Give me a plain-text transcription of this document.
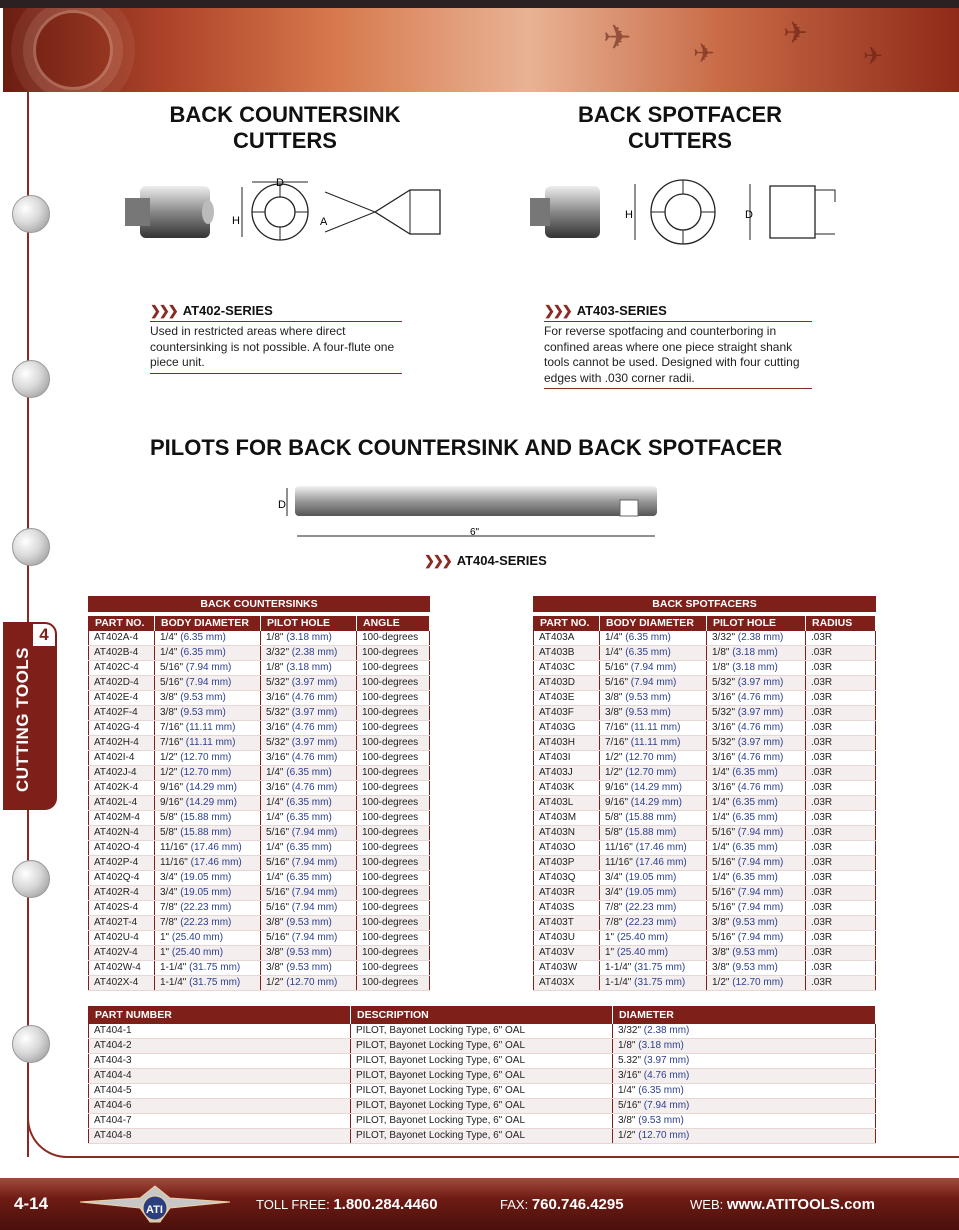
✈ ✈
✈
✈
4
CUTTING TOOLS
BACK COUNTERSINK
CUTTERS
BACK SPOTFACER
CUTTERS
D
H	A
H	D
❯❯❯ AT402-SERIES
Used in restricted areas where direct countersinking is not possible. A four-flute one piece unit.
❯❯❯ AT403-SERIES
For reverse spotfacing and counterboring in confined areas where one piece straight shank tools cannot be used. Designed with four cutting edges with .030 corner radii.
PILOTS FOR BACK COUNTERSINK AND BACK SPOTFACER
D
6"
❯❯❯ AT404-SERIES
BACK COUNTERSINKS			
PART NO.	BODY DIAMETER	PILOT HOLE	ANGLE
AT402A-4	1/4" (6.35 mm)	1/8" (3.18 mm)	100-degrees
AT402B-4	1/4" (6.35 mm)	3/32" (2.38 mm)	100-degrees
AT402C-4	5/16" (7.94 mm)	1/8" (3.18 mm)	100-degrees
AT402D-4	5/16" (7.94 mm)	5/32" (3.97 mm)	100-degrees
AT402E-4	3/8" (9.53 mm)	3/16" (4.76 mm)	100-degrees
AT402F-4	3/8" (9.53 mm)	5/32" (3.97 mm)	100-degrees
AT402G-4	7/16" (11.11 mm)	3/16" (4.76 mm)	100-degrees
AT402H-4	7/16" (11.11 mm)	5/32" (3.97 mm)	100-degrees
AT402I-4	1/2" (12.70 mm)	3/16" (4.76 mm)	100-degrees
AT402J-4	1/2" (12.70 mm)	1/4" (6.35 mm)	100-degrees
AT402K-4	9/16" (14.29 mm)	3/16" (4.76 mm)	100-degrees
AT402L-4	9/16" (14.29 mm)	1/4" (6.35 mm)	100-degrees
AT402M-4	5/8" (15.88 mm)	1/4" (6.35 mm)	100-degrees
AT402N-4	5/8" (15.88 mm)	5/16" (7.94 mm)	100-degrees
AT402O-4	11/16" (17.46 mm)	1/4" (6.35 mm)	100-degrees
AT402P-4	11/16" (17.46 mm)	5/16" (7.94 mm)	100-degrees
AT402Q-4	3/4" (19.05 mm)	1/4" (6.35 mm)	100-degrees
AT402R-4	3/4" (19.05 mm)	5/16" (7.94 mm)	100-degrees
AT402S-4	7/8" (22.23 mm)	5/16" (7.94 mm)	100-degrees
AT402T-4	7/8" (22.23 mm)	3/8" (9.53 mm)	100-degrees
AT402U-4	1" (25.40 mm)	5/16" (7.94 mm)	100-degrees
AT402V-4	1" (25.40 mm)	3/8" (9.53 mm)	100-degrees
AT402W-4	1-1/4" (31.75 mm)	3/8" (9.53 mm)	100-degrees
AT402X-4	1-1/4" (31.75 mm)	1/2" (12.70 mm)	100-degrees
BACK SPOTFACERS			
PART NO.	BODY DIAMETER	PILOT HOLE	RADIUS
AT403A	1/4" (6.35 mm)	3/32" (2.38 mm)	.03R
AT403B	1/4" (6.35 mm)	1/8" (3.18 mm)	.03R
AT403C	5/16" (7.94 mm)	1/8" (3.18 mm)	.03R
AT403D	5/16" (7.94 mm)	5/32" (3.97 mm)	.03R
AT403E	3/8" (9.53 mm)	3/16" (4.76 mm)	.03R
AT403F	3/8" (9.53 mm)	5/32" (3.97 mm)	.03R
AT403G	7/16" (11.11 mm)	3/16" (4.76 mm)	.03R
AT403H	7/16" (11.11 mm)	5/32" (3.97 mm)	.03R
AT403I	1/2" (12.70 mm)	3/16" (4.76 mm)	.03R
AT403J	1/2" (12.70 mm)	1/4" (6.35 mm)	.03R
AT403K	9/16" (14.29 mm)	3/16" (4.76 mm)	.03R
AT403L	9/16" (14.29 mm)	1/4" (6.35 mm)	.03R
AT403M	5/8" (15.88 mm)	1/4" (6.35 mm)	.03R
AT403N	5/8" (15.88 mm)	5/16" (7.94 mm)	.03R
AT403O	11/16" (17.46 mm)	1/4" (6.35 mm)	.03R
AT403P	11/16" (17.46 mm)	5/16" (7.94 mm)	.03R
AT403Q	3/4" (19.05 mm)	1/4" (6.35 mm)	.03R
AT403R	3/4" (19.05 mm)	5/16" (7.94 mm)	.03R
AT403S	7/8" (22.23 mm)	5/16" (7.94 mm)	.03R
AT403T	7/8" (22.23 mm)	3/8" (9.53 mm)	.03R
AT403U	1" (25.40 mm)	5/16" (7.94 mm)	.03R
AT403V	1" (25.40 mm)	3/8" (9.53 mm)	.03R
AT403W	1-1/4" (31.75 mm)	3/8" (9.53 mm)	.03R
AT403X	1-1/4" (31.75 mm)	1/2" (12.70 mm)	.03R
PART NUMBER	DESCRIPTION	DIAMETER
AT404-1	PILOT, Bayonet Locking Type, 6" OAL	3/32" (2.38 mm)
AT404-2	PILOT, Bayonet Locking Type, 6" OAL	1/8" (3.18 mm)
AT404-3	PILOT, Bayonet Locking Type, 6" OAL	5.32" (3.97 mm)
AT404-4	PILOT, Bayonet Locking Type, 6" OAL	3/16" (4.76 mm)
AT404-5	PILOT, Bayonet Locking Type, 6" OAL	1/4" (6.35 mm)
AT404-6	PILOT, Bayonet Locking Type, 6" OAL	5/16" (7.94 mm)
AT404-7	PILOT, Bayonet Locking Type, 6" OAL	3/8" (9.53 mm)
AT404-8	PILOT, Bayonet Locking Type, 6" OAL	1/2" (12.70 mm)
4-14	ATI	TOLL FREE: 1.800.284.4460	FAX: 760.746.4295	WEB: www.ATITOOLS.com
